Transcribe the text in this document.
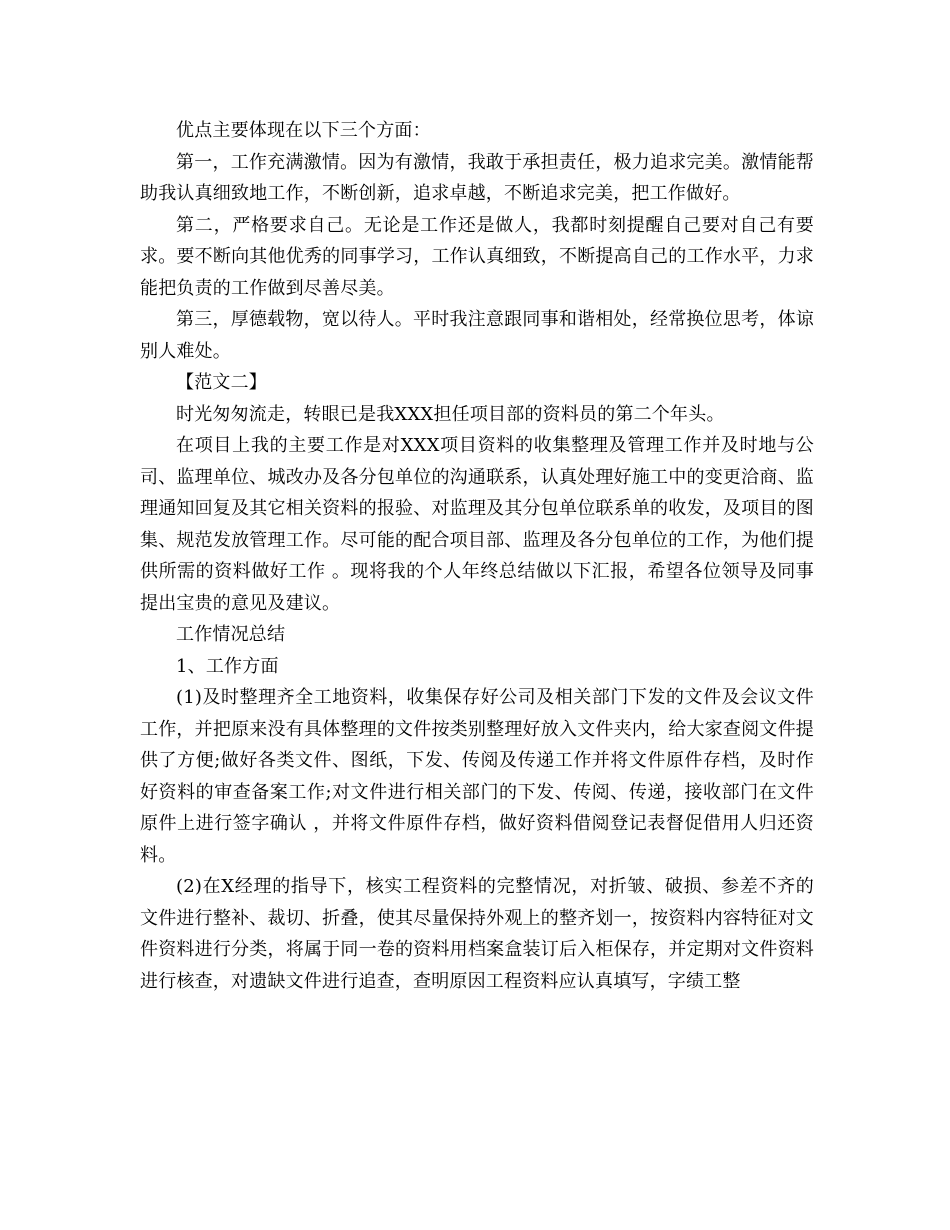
优点主要体现在以下三个方面：

第一，工作充满激情。因为有激情，我敢于承担责任，极力追求完美。激情能帮助我认真细致地工作，不断创新，追求卓越，不断追求完美，把工作做好。

第二，严格要求自己。无论是工作还是做人，我都时刻提醒自己要对自己有要求。要不断向其他优秀的同事学习，工作认真细致，不断提高自己的工作水平，力求能把负责的工作做到尽善尽美。

第三，厚德载物，宽以待人。平时我注意跟同事和谐相处，经常换位思考，体谅别人难处。

【范文二】

时光匆匆流走，转眼已是我XXX担任项目部的资料员的第二个年头。

在项目上我的主要工作是对XXX项目资料的收集整理及管理工作并及时地与公司、监理单位、城改办及各分包单位的沟通联系，认真处理好施工中的变更洽商、监理通知回复及其它相关资料的报验、对监理及其分包单位联系单的收发，及项目的图集、规范发放管理工作。尽可能的配合项目部、监理及各分包单位的工作，为他们提供所需的资料做好工作 。现将我的个人年终总结做以下汇报，希望各位领导及同事提出宝贵的意见及建议。

工作情况总结

1、工作方面

(1)及时整理齐全工地资料，收集保存好公司及相关部门下发的文件及会议文件工作，并把原来没有具体整理的文件按类别整理好放入文件夹内，给大家查阅文件提供了方便;做好各类文件、图纸，下发、传阅及传递工作并将文件原件存档，及时作好资料的审查备案工作;对文件进行相关部门的下发、传阅、传递，接收部门在文件原件上进行签字确认 ，并将文件原件存档，做好资料借阅登记表督促借用人归还资料。

(2)在X经理的指导下，核实工程资料的完整情况，对折皱、破损、参差不齐的文件进行整补、裁切、折叠，使其尽量保持外观上的整齐划一，按资料内容特征对文件资料进行分类，将属于同一卷的资料用档案盒装订后入柜保存，并定期对文件资料进行核查，对遗缺文件进行追查，查明原因工程资料应认真填写，字绩工整
